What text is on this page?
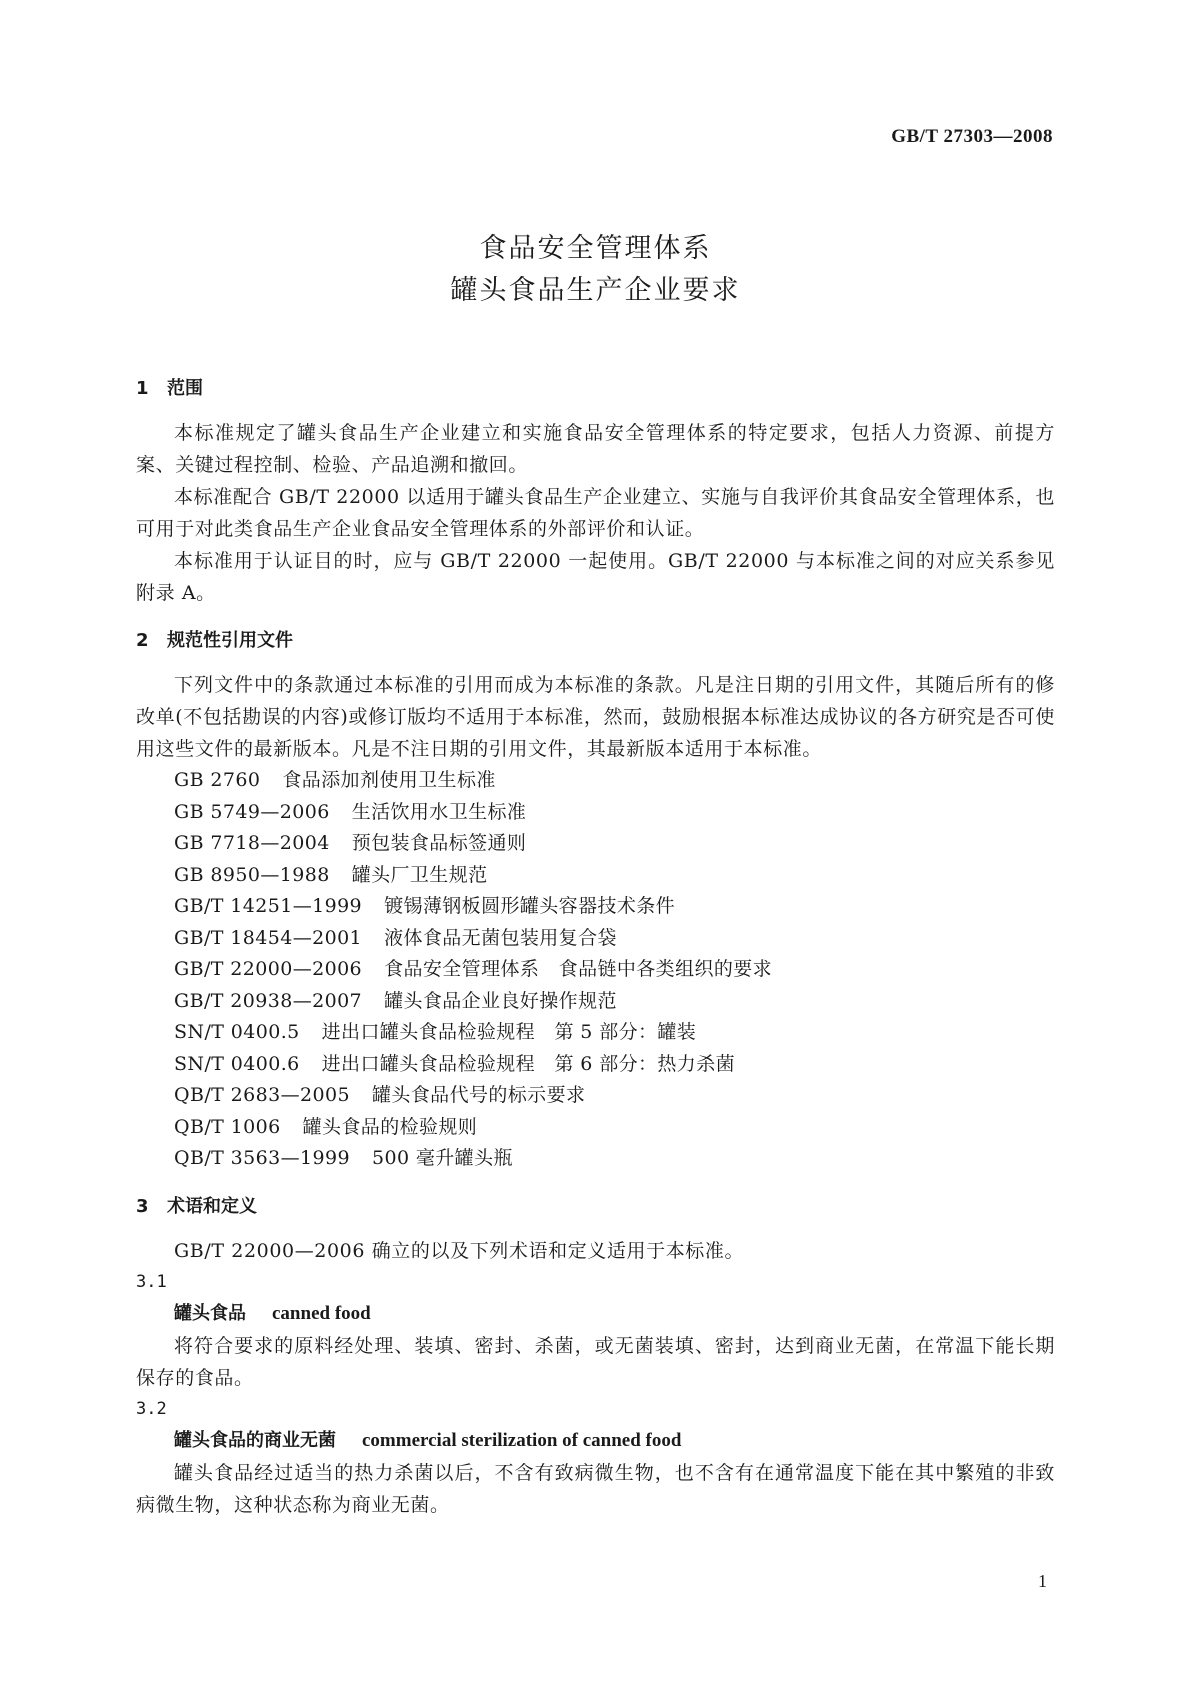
GB/T 27303—2008

食品安全管理体系

罐头食品生产企业要求

1 范围

本标准规定了罐头食品生产企业建立和实施食品安全管理体系的特定要求，包括人力资源、前提方案、关键过程控制、检验、产品追溯和撤回。

本标准配合 GB/T 22000 以适用于罐头食品生产企业建立、实施与自我评价其食品安全管理体系，也可用于对此类食品生产企业食品安全管理体系的外部评价和认证。

本标准用于认证目的时，应与 GB/T 22000 一起使用。GB/T 22000 与本标准之间的对应关系参见附录 A。

2 规范性引用文件

下列文件中的条款通过本标准的引用而成为本标准的条款。凡是注日期的引用文件，其随后所有的修改单(不包括勘误的内容)或修订版均不适用于本标准，然而，鼓励根据本标准达成协议的各方研究是否可使用这些文件的最新版本。凡是不注日期的引用文件，其最新版本适用于本标准。

GB 2760 食品添加剂使用卫生标准
GB 5749—2006 生活饮用水卫生标准
GB 7718—2004 预包装食品标签通则
GB 8950—1988 罐头厂卫生规范
GB/T 14251—1999 镀锡薄钢板圆形罐头容器技术条件
GB/T 18454—2001 液体食品无菌包装用复合袋
GB/T 22000—2006 食品安全管理体系　食品链中各类组织的要求
GB/T 20938—2007 罐头食品企业良好操作规范
SN/T 0400.5 进出口罐头食品检验规程　第 5 部分：罐装
SN/T 0400.6 进出口罐头食品检验规程　第 6 部分：热力杀菌
QB/T 2683—2005 罐头食品代号的标示要求
QB/T 1006 罐头食品的检验规则
QB/T 3563—1999 500 毫升罐头瓶
3 术语和定义

GB/T 22000—2006 确立的以及下列术语和定义适用于本标准。

3.1

罐头食品 canned food

将符合要求的原料经处理、装填、密封、杀菌，或无菌装填、密封，达到商业无菌，在常温下能长期保存的食品。

3.2

罐头食品的商业无菌 commercial sterilization of canned food

罐头食品经过适当的热力杀菌以后，不含有致病微生物，也不含有在通常温度下能在其中繁殖的非致病微生物，这种状态称为商业无菌。

1
